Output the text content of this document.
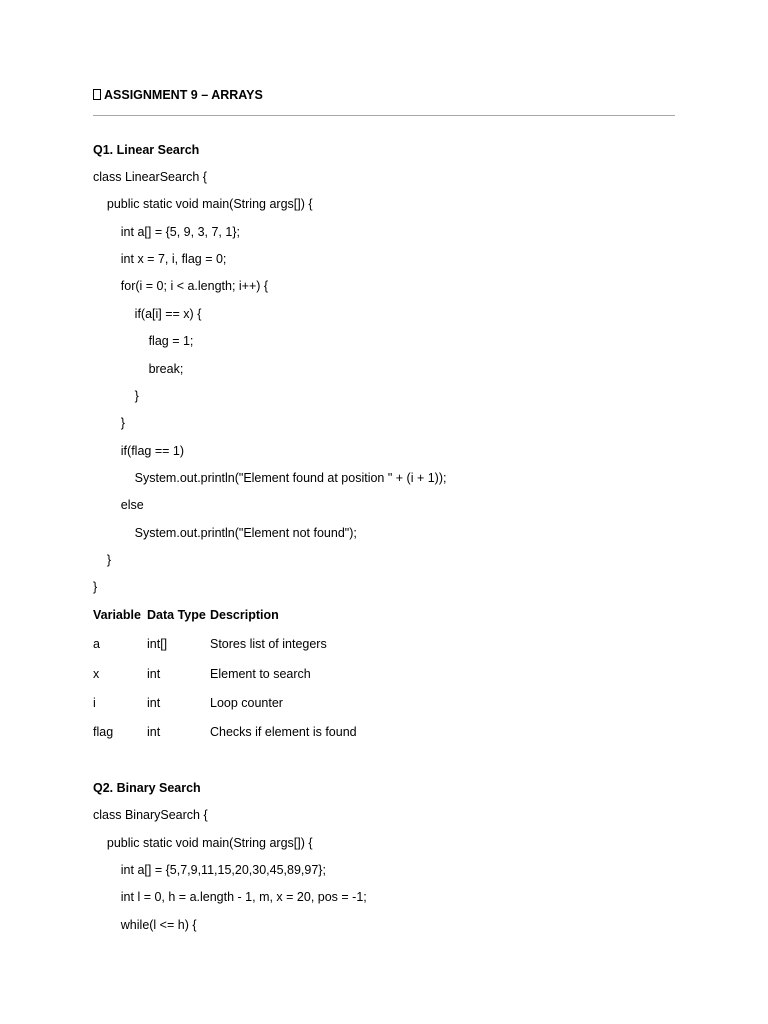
ASSIGNMENT 9 – ARRAYS
Q1. Linear Search
class LinearSearch {
public static void main(String args[]) {
int a[] = {5, 9, 3, 7, 1};
int x = 7, i, flag = 0;
for(i = 0; i < a.length; i++) {
if(a[i] == x) {
flag = 1;
break;
}
}
if(flag == 1)
System.out.println("Element found at position " + (i + 1));
else
System.out.println("Element not found");
}
}
Variable	Data Type	Description
a	int[]	Stores list of integers
x	int	Element to search
i	int	Loop counter
flag	int	Checks if element is found
Q2. Binary Search
class BinarySearch {
public static void main(String args[]) {
int a[] = {5,7,9,11,15,20,30,45,89,97};
int l = 0, h = a.length - 1, m, x = 20, pos = -1;
while(l <= h) {
